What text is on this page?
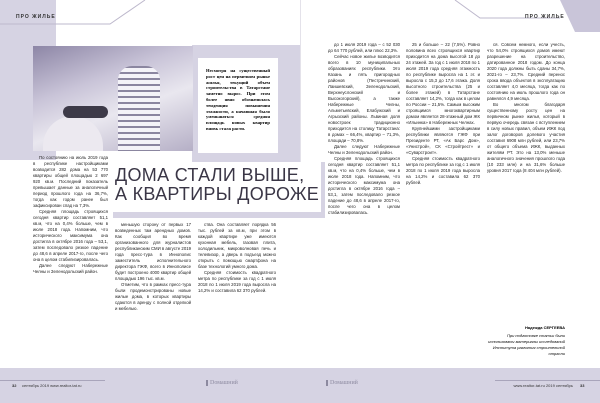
ПРО ЖИЛЬЕ
Несмотря на существенный рост цен на первичном рынке жилья, текущий объем строительства в Татарстане заметно вырос. При этом более явно обозначилась тенденция повышения этажности, а начавшая было уменьшаться средняя площадь новых квартир вновь стала расти.
ДОМА СТАЛИ ВЫШЕ,
А КВАРТИРЫ ДОРОЖЕ

По состоянию на июль 2019 года в республике настройщиками возводится 282 дома на 53 770 квартиры общей площадью 2 697 920 кв.м. Последний показатель превышает данные за аналогичный период прошлого года на 36,7%, тогда как годом ранее был зафиксирован спад на 7,3%.

Средняя площадь строящихся сегодня квартир составляет 51,1 кв.м, что на 0,4% больше, чем в июле 2018 года. Напомним, что исторического максимума она достигла в октябре 2016 года – 53,1, затем последовало резкое падение до 48,6 в апреле 2017-го, после чего она в целом стабилизировалась.

Далее следуют Набережные Челны и Зеленодольский район.

меньшую сторону от первых 17 возведенных там арендных домов. Как сообщил во время организованного для журналистов республиканским СМИ в августе 2019 года пресс-тура в Иннополис заместитель исполнительного директора ГЖФ, всего в Иннополисе будет построено 4000 квартир общей площадью 196 тыс. кв.м.

Отметим, что в рамках пресс-тура были продемонстрированы новые жилые дома, в которых квартиры сдаются в аренду с полной отделкой и мебелью.

ства. Она составляет порядка 56 тыс. рублей за кв.м, при этом в каждой квартире уже имеются кухонная мебель, газовая плита, холодильник, микроволновая печь и телевизор, а дверь в подъезд можно открыть с помощью смартфона на базе технологий умного дома.

Средняя стоимость квадратного метра по республике за год с 1 июля 2018 по 1 июля 2019 года выросла на 14,2% и составила 62 370 рублей.

ПРО ЖИЛЬЕ

до 1 июля 2019 года – с 52 030 до 64 770 рублей, или плюс 22,3%.

Сейчас новое жилье возводится всего в 10 муниципальных образованиях республики. Это Казань и пять пригородных районов (Пестречинский, Лаишевский, Зеленодольский, Верхнеуслонский и Высокогорский), а также Набережные Челны, Альметьевский, Елабужский и Агрызский районы. Львиная доля новостроек традиционно приходится на столицу Татарстана: в домах – 66,4%, квартир – 71,3%, площади – 70,8%.

Далее следуют Набережные Челны и Зеленодольский район.

Средняя площадь строящихся сегодня квартир составляет 51,1 кв.м, что на 0,4% больше, чем в июле 2018 года. Напомним, что исторического максимума она достигла в октябре 2016 года – 53,1, затем последовало резкое падение до 48,6 в апреле 2017-го, после чего она в целом стабилизировалась.

25 и больше – 22 (7,5%). Ровно половина всех строящихся квартир приходится на дома высотой 18 до 24 этажей. За год с 1 июля 2018 по 1 июля 2019 года средняя этажность по республике выросла на 1 эт. и выросла с 15,3 до 17,6 этажа. Доля высотного строительства (25 и более этажей) в Татарстане составляет 14,2%, тогда как в целом по России – 21,5%. Самым высоким строящимся многоквартирным домом является 28-этажный дом ЖК «Ильинка» в Набережных Челнах.

Крупнейшими застройщиками республики являются ГЖФ при Президенте РТ, «Ак Барс Дом», «Унистрой», СК «Стройтрест» и «Суварстроит».

Средняя стоимость квадратного метра по республике за год с 1 июля 2018 по 1 июля 2019 года выросла на 14,2% и составила 62 370 рублей.

ся. Совсем немного, если учесть, что 54,0% строящихся домов имеют разрешение на строительство, датированное 2018 годом. До конца 2020 года должны быть сданы 34,7%, 2021-го – 23,7%. Средний перенос срока ввода объектов в эксплуатацию составляет 4,0 месяца, тогда как по состоянию на июль прошлого года он равнялся 4,9 месяца.

Во многом благодаря существенному росту цен на первичном рынке жилья, который в первую очередь связан с вступлением в силу новых правил, объем ИЖК под залог договоров долевого участия составил 6908 млн рублей, или 23,7% от общего объема ИЖК, выданных жителям РТ. Это на 13,0% меньше аналогичного значения прошлого года (10 233 млн) и на 31,6% больше уровня 2017 года (8 404 млн рублей).

Надежда СЕРГЕЕВА
При подготовке статьи были использованы материалы исследований Института развития строительной отрасли
32 сентябрь 2019 www.realtor-tat.ru	Dомашний	Dомашний	www.realtor-tat.ru 2019 сентябрь 33
